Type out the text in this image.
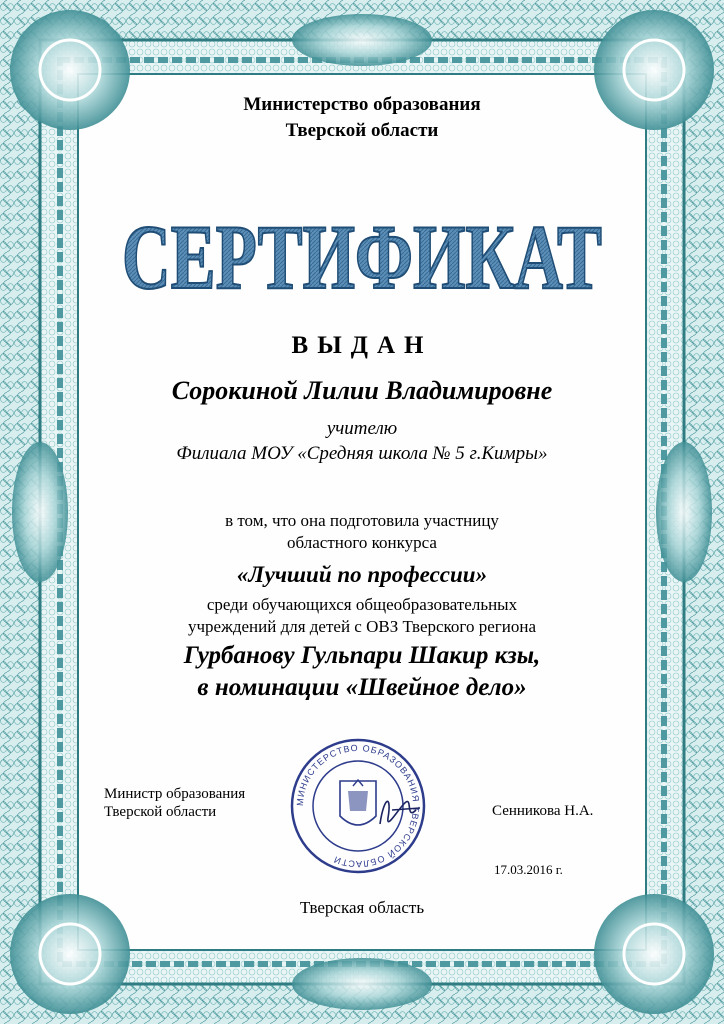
Министерство образования
Тверской области
СЕРТИФИКАТ
ВЫДАН
Сорокиной Лилии Владимировне
учителю
Филиала МОУ «Средняя школа № 5 г.Кимры»
в том, что она подготовила участницу
областного конкурса
«Лучший по профессии»
среди обучающихся общеобразовательных
учреждений для детей с ОВЗ Тверского региона
Гурбанову Гульпари Шакир кзы,
в номинации «Швейное дело»
Министр образования
Тверской области
МИНИСТЕРСТВО ОБРАЗОВАНИЯ ТВЕРСКОЙ ОБЛАСТИ
Сенникова Н.А.
17.03.2016 г.
Тверская область
